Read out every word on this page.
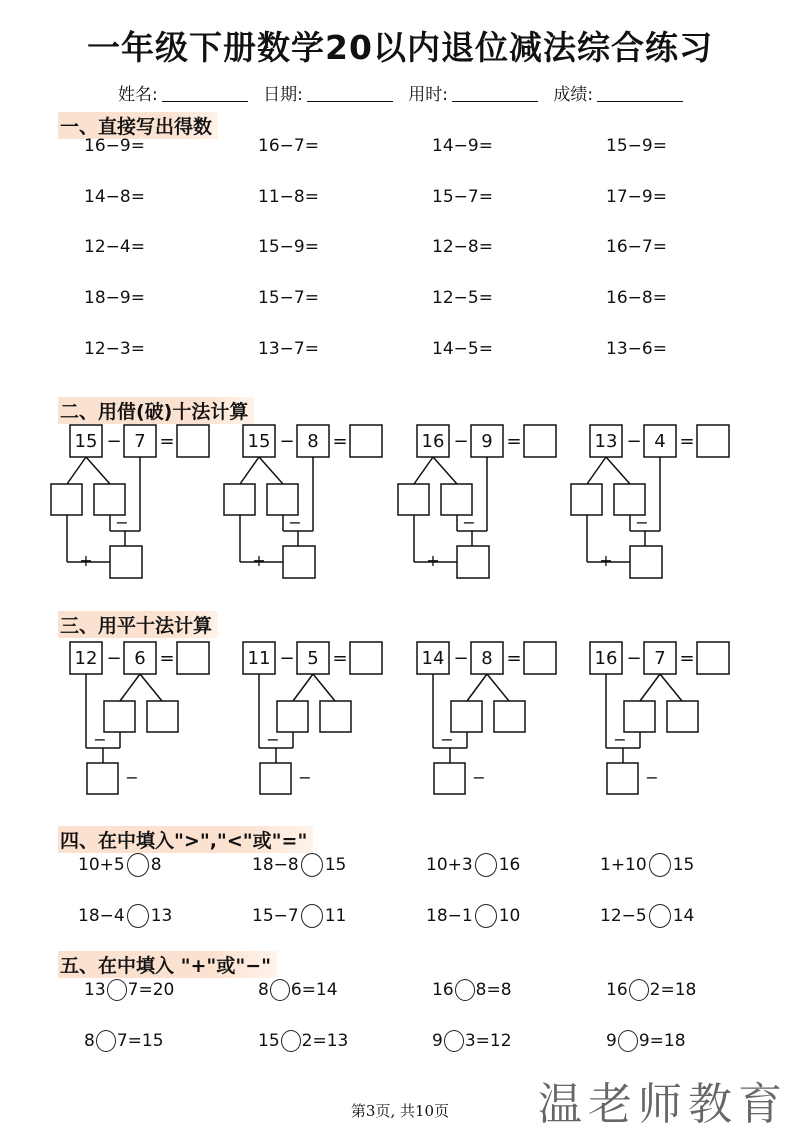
一年级下册数学20以内退位减法综合练习
姓名:	日期:	用时:	成绩:
一、直接写出得数
16−9=	16−7=	14−9=	15−9=
14−8=	11−8=	15−7=	17−9=
12−4=	15−9=	12−8=	16−7=
18−9=	15−7=	12−5=	16−8=
12−3=	13−7=	14−5=	13−6=
二、用借(破)十法计算
三、用平十法计算
15 − 7 =
−
+
15 − 8 =
−
+
16 − 9 =
−
+
13 − 4 =
−
+
12 − 6 =
−
−
11 − 5 =
−
−
14 − 8 =
−
−
16 − 7 =
−
−
四、在中填入">","<"或"="
10+5 8	18−8 15	10+3 16	1+10 15
18−4 13	15−7 11	18−1 10	12−5 14
五、在中填入 "+"或"−"
13 7=20	8 6=14	16 8=8	16 2=18
8 7=15	15 2=13	9 3=12	9 9=18
第3页, 共10页	温老师教育
